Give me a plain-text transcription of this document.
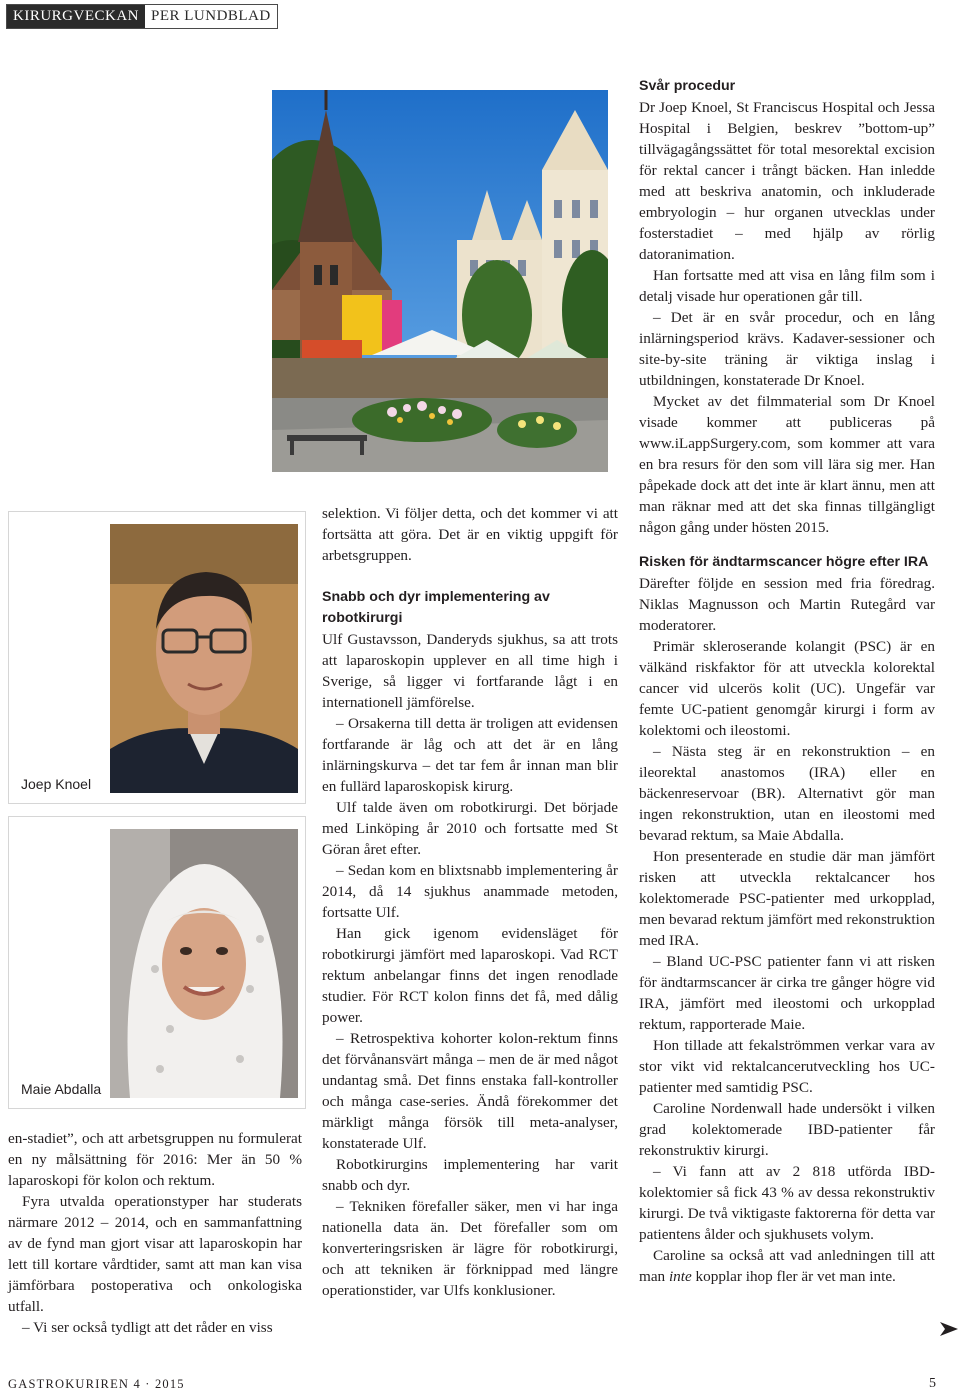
KIRURGVECKAN PER LUNDBLAD
Joep Knoel
Maie Abdalla

en-stadiet”, och att arbetsgruppen nu formulerat en ny målsättning för 2016: Mer än 50 % laparoskopi för kolon och rektum.

Fyra utvalda operationstyper har studerats närmare 2012 – 2014, och en sammanfattning av de fynd man gjort visar att laparoskopin har lett till kortare vårdtider, samt att man kan visa jämförbara postoperativa och onkologiska utfall.

– Vi ser också tydligt att det råder en viss

selektion. Vi följer detta, och det kommer vi att fortsätta att göra. Det är en viktig uppgift för arbetsgruppen.

Snabb och dyr implementering av robotkirurgi

Ulf Gustavsson, Danderyds sjukhus, sa att trots att laparoskopin upplever en all time high i Sverige, så ligger vi fortfarande lågt i en internationell jämförelse.

– Orsakerna till detta är troligen att evidensen fortfarande är låg och att det är en lång inlärningskurva – det tar fem år innan man blir en fullärd laparoskopisk kirurg.

Ulf talde även om robotkirurgi. Det började med Linköping år 2010 och fortsatte med St Göran året efter.

– Sedan kom en blixtsnabb implementering år 2014, då 14 sjukhus anammade metoden, fortsatte Ulf.

Han gick igenom evidensläget för robotkirurgi jämfört med laparoskopi. Vad RCT rektum anbelangar finns det ingen renodlade studier. För RCT kolon finns det få, med dålig power.

– Retrospektiva kohorter kolon-rektum finns det förvånansvärt många – men de är med något undantag små. Det finns enstaka fall-kontroller och många case-series. Ändå förekommer det märkligt många försök till meta-analyser, konstaterade Ulf.

Robotkirurgins implementering har varit snabb och dyr.

– Tekniken förefaller säker, men vi har inga nationella data än. Det förefaller som om konverteringsrisken är lägre för robotkirurgi, och att tekniken är förknippad med längre operationstider, var Ulfs konklusioner.

Svår procedur

Dr Joep Knoel, St Franciscus Hospital och Jessa Hospital i Belgien, beskrev ”bottom-up” tillvägagångssättet för total mesorektal excision för rektal cancer i trångt bäcken. Han inledde med att beskriva anatomin, och inkluderade embryologin – hur organen utvecklas under fosterstadiet – med hjälp av rörlig datoranimation.

Han fortsatte med att visa en lång film som i detalj visade hur operationen går till.

– Det är en svår procedur, och en lång inlärningsperiod krävs. Kadaver-sessioner och site-by-site träning är viktiga inslag i utbildningen, konstaterade Dr Knoel.

Mycket av det filmmaterial som Dr Knoel visade kommer att publiceras på www.iLappSurgery.com, som kommer att vara en bra resurs för den som vill lära sig mer. Han påpekade dock att det inte är klart ännu, men att man räknar med att det ska finnas tillgängligt någon gång under hösten 2015.

Risken för ändtarmscancer högre efter IRA

Därefter följde en session med fria föredrag. Niklas Magnusson och Martin Rutegård var moderatorer.

Primär skleroserande kolangit (PSC) är en välkänd riskfaktor för att utveckla kolorektal cancer vid ulcerös kolit (UC). Ungefär var femte UC-patient genomgår kirurgi i form av kolektomi och ileostomi.

– Nästa steg är en rekonstruktion – en ileorektal anastomos (IRA) eller en bäckenreservoar (BR). Alternativt gör man ingen rekonstruktion, utan en ileostomi med bevarad rektum, sa Maie Abdalla.

Hon presenterade en studie där man jämfört risken att utveckla rektalcancer hos kolektomerade PSC-patienter med urkopplad, men bevarad rektum jämfört med rekonstruktion med IRA.

– Bland UC-PSC patienter fann vi att risken för ändtarmscancer är cirka tre gånger högre vid IRA, jämfört med ileostomi och urkopplad rektum, rapporterade Maie.

Hon tillade att fekalströmmen verkar vara av stor vikt vid rektalcancerutveckling hos UC-patienter med samtidig PSC.

Caroline Nordenwall hade undersökt i vilken grad kolektomerade IBD-patienter får rekonstruktiv kirurgi.

– Vi fann att av 2 818 utförda IBD-kolektomier så fick 43 % av dessa rekonstruktiv kirurgi. De två viktigaste faktorerna för detta var patientens ålder och sjukhusets volym.

Caroline sa också att vad anledningen till att man inte kopplar ihop fler är vet man inte.

GASTROKURIREN 4 · 2015	5
